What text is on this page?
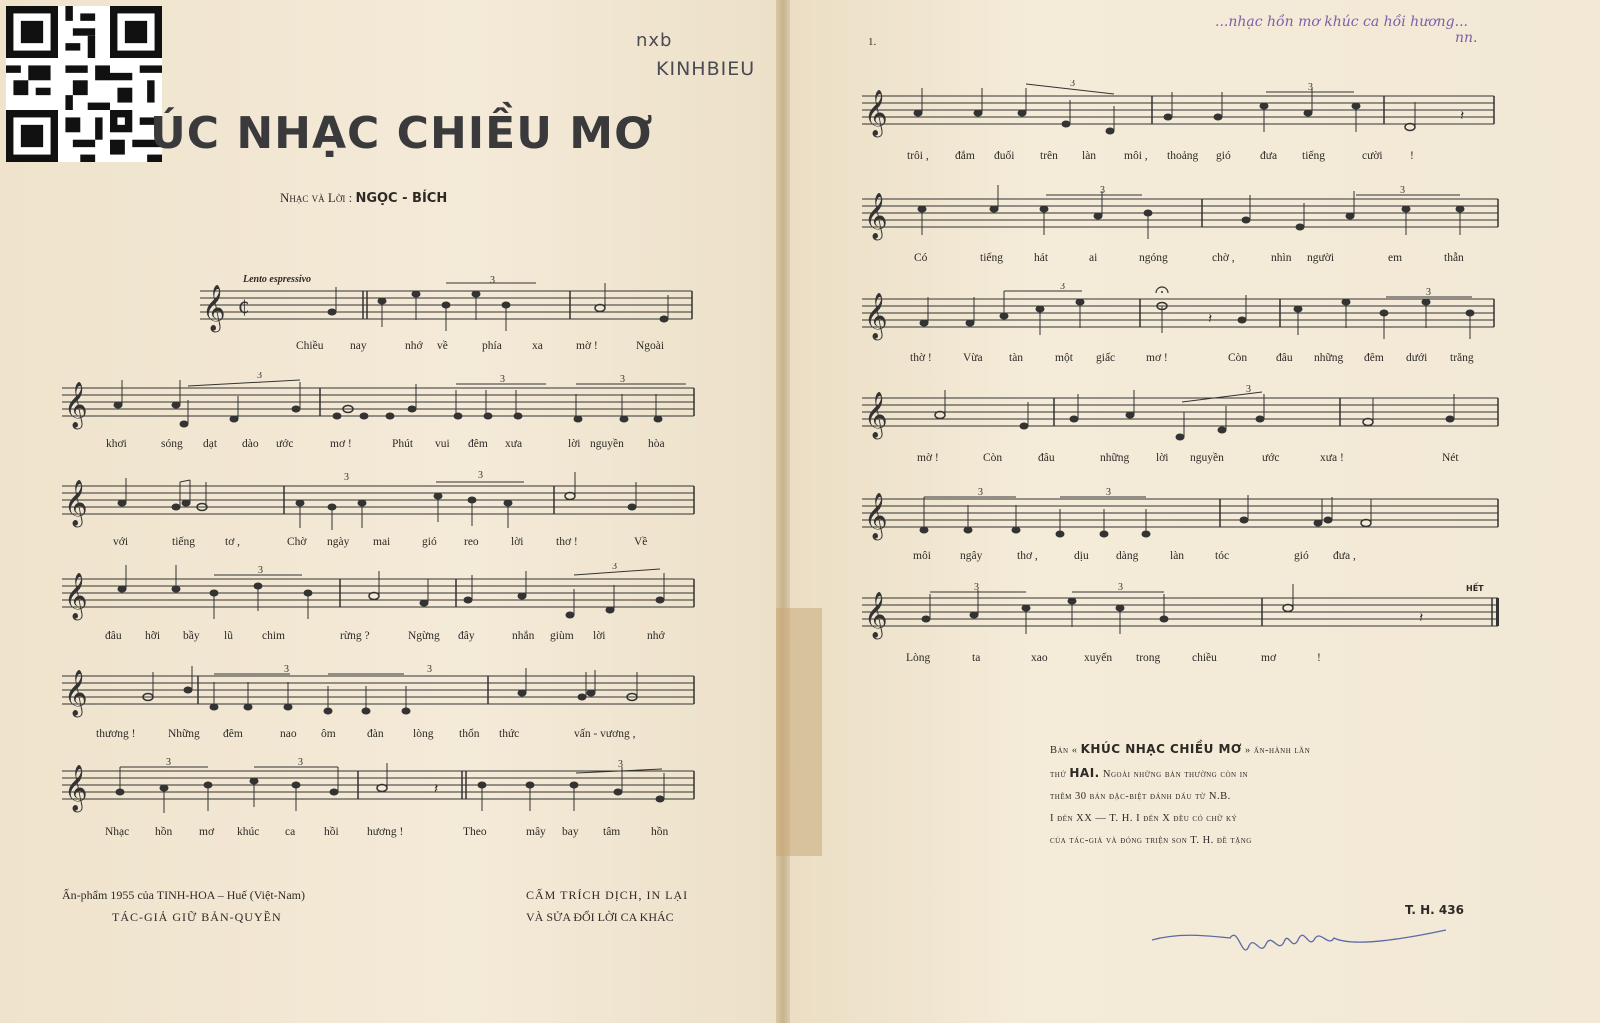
nxb
KINHBIEU
ÚC NHẠC CHIỀU MƠ
Nhạc và Lời : NGỌC - BÍCH
Lento espressivo
𝄞 ₵
3
Chiều nay	nhớ về	phía	xa	mờ !	Ngoài
𝄞
3	3	3
khơi	sóng dạt dào ước	mơ !	Phút vui đêm xưa	lời nguyền hòa
𝄞
3	3
với	tiếng	tơ ,	Chờ ngày mai	gió reo	lời	thơ !	Về
𝄞
3	3
đâu hỡi bầy lũ	chim	rừng ?	Ngừng đây	nhắn giùm lời	nhớ
𝄞
3	3
thương !	Những đêm	nao ôm	đàn	lòng thổn thức	vấn - vương ,
𝄞
3	3	3
𝄽
Nhạc hồn mơ khúc ca	hồi hương !	Theo	mây bay tâm	hồn
Ấn-phẩm 1955 của TINH-HOA – Huế (Việt-Nam)
TÁC-GIẢ GIỮ BẢN-QUYỀN
CẤM TRÍCH DỊCH, IN LẠI
VÀ SỬA ĐỔI LỜI CA KHÁC
1.
...nhạc hồn mơ khúc ca hồi hương...
nn.
𝄞
3	3
𝄽
trôi , đắm đuối trên làn môi , thoảng gió	đưa tiếng	cười !
𝄞
3	3
Có	tiếng	hát	ai	ngóng	chờ ,	nhìn người	em	thẫn
𝄞
3
3
𝄽
thờ !	Vừa tàn	một giấc	mơ !	Còn	đâu những đêm dưới trăng
𝄞
3
mờ !	Còn	đâu	những lời nguyền	ước	xưa !	Nét
𝄞
3	3
môi	ngây	thơ ,	dịu dàng	làn	tóc	gió đưa ,
𝄞
3	3
𝄽
HẾT
Lòng	ta	xao	xuyến trong	chiều	mơ	!
Bản « KHÚC NHẠC CHIỀU MƠ » ấn-hành lần
thứ HAI. Ngoài những bản thường còn in
thêm 30 bản đặc-biệt đánh dấu từ N.B.
I đến XX — T. H. I đến X đều có chữ ký
của tác-giả và đóng triện son T. H. đề tặng
T. H. 436
